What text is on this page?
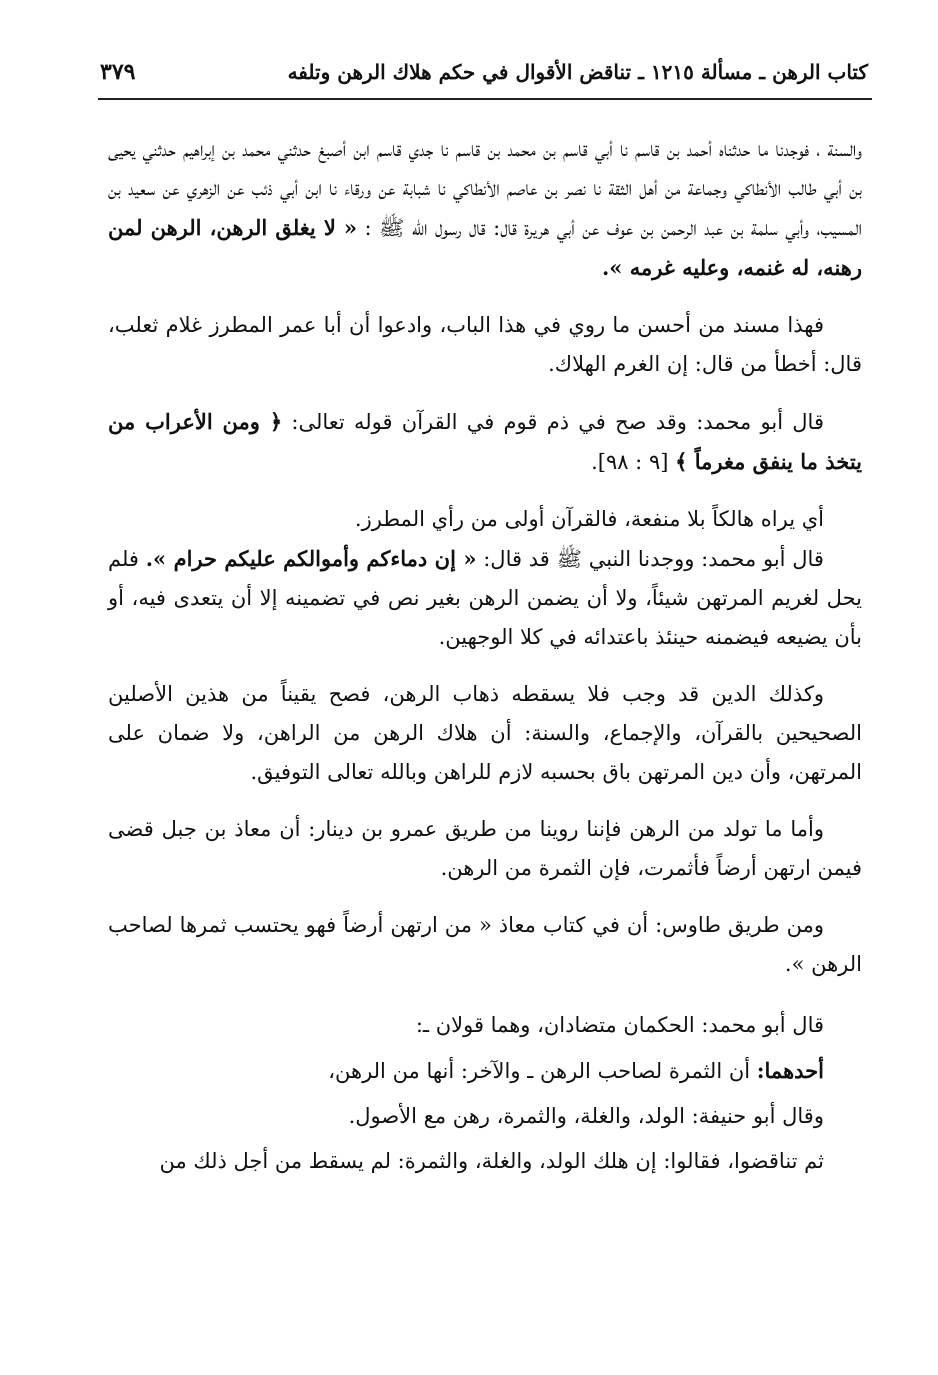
كتاب الرهن ـ مسألة ١٢١٥ ـ تناقض الأقوال في حكم هلاك الرهن وتلفه
٣٧٩

والسنة ، فوجدنا ما حدثناه أحمد بن قاسم نا أبي قاسم بن محمد بن قاسم نا جدي قاسم ابن أصبغ حدثني محمد بن إبراهيم حدثني يحيى بن أبي طالب الأنطاكي وجماعة من أهل الثقة نا نصر بن عاصم الأنطاكي نا شبابة عن ورقاء نا ابن أبي ذئب عن الزهري عن سعيد بن المسيب، وأبي سلمة بن عبد الرحمن بن عوف عن أبي هريرة قال: قال رسول الله ﷺ : « لا يغلق الرهن، الرهن لمن رهنه، له غنمه، وعليه غرمه ».

فهذا مسند من أحسن ما روي في هذا الباب، وادعوا أن أبا عمر المطرز غلام ثعلب، قال: أخطأ من قال: إن الغرم الهلاك.

قال أبو محمد: وقد صح في ذم قوم في القرآن قوله تعالى: ﴿ ومن الأعراب من يتخذ ما ينفق مغرماً ﴾ [٩ : ٩٨].

أي يراه هالكاً بلا منفعة، فالقرآن أولى من رأي المطرز.

قال أبو محمد: ووجدنا النبي ﷺ قد قال: « إن دماءكم وأموالكم عليكم حرام ». فلم يحل لغريم المرتهن شيئاً، ولا أن يضمن الرهن بغير نص في تضمينه إلا أن يتعدى فيه، أو بأن يضيعه فيضمنه حينئذ باعتدائه في كلا الوجهين.

وكذلك الدين قد وجب فلا يسقطه ذهاب الرهن، فصح يقيناً من هذين الأصلين الصحيحين بالقرآن، والإجماع، والسنة: أن هلاك الرهن من الراهن، ولا ضمان على المرتهن، وأن دين المرتهن باق بحسبه لازم للراهن وبالله تعالى التوفيق.

وأما ما تولد من الرهن فإننا روينا من طريق عمرو بن دينار: أن معاذ بن جبل قضى فيمن ارتهن أرضاً فأثمرت، فإن الثمرة من الرهن.

ومن طريق طاوس: أن في كتاب معاذ « من ارتهن أرضاً فهو يحتسب ثمرها لصاحب الرهن ».

قال أبو محمد: الحكمان متضادان، وهما قولان ـ:

أحدهما: أن الثمرة لصاحب الرهن ـ والآخر: أنها من الرهن،

وقال أبو حنيفة: الولد، والغلة، والثمرة، رهن مع الأصول.

ثم تناقضوا، فقالوا: إن هلك الولد، والغلة، والثمرة: لم يسقط من أجل ذلك من
